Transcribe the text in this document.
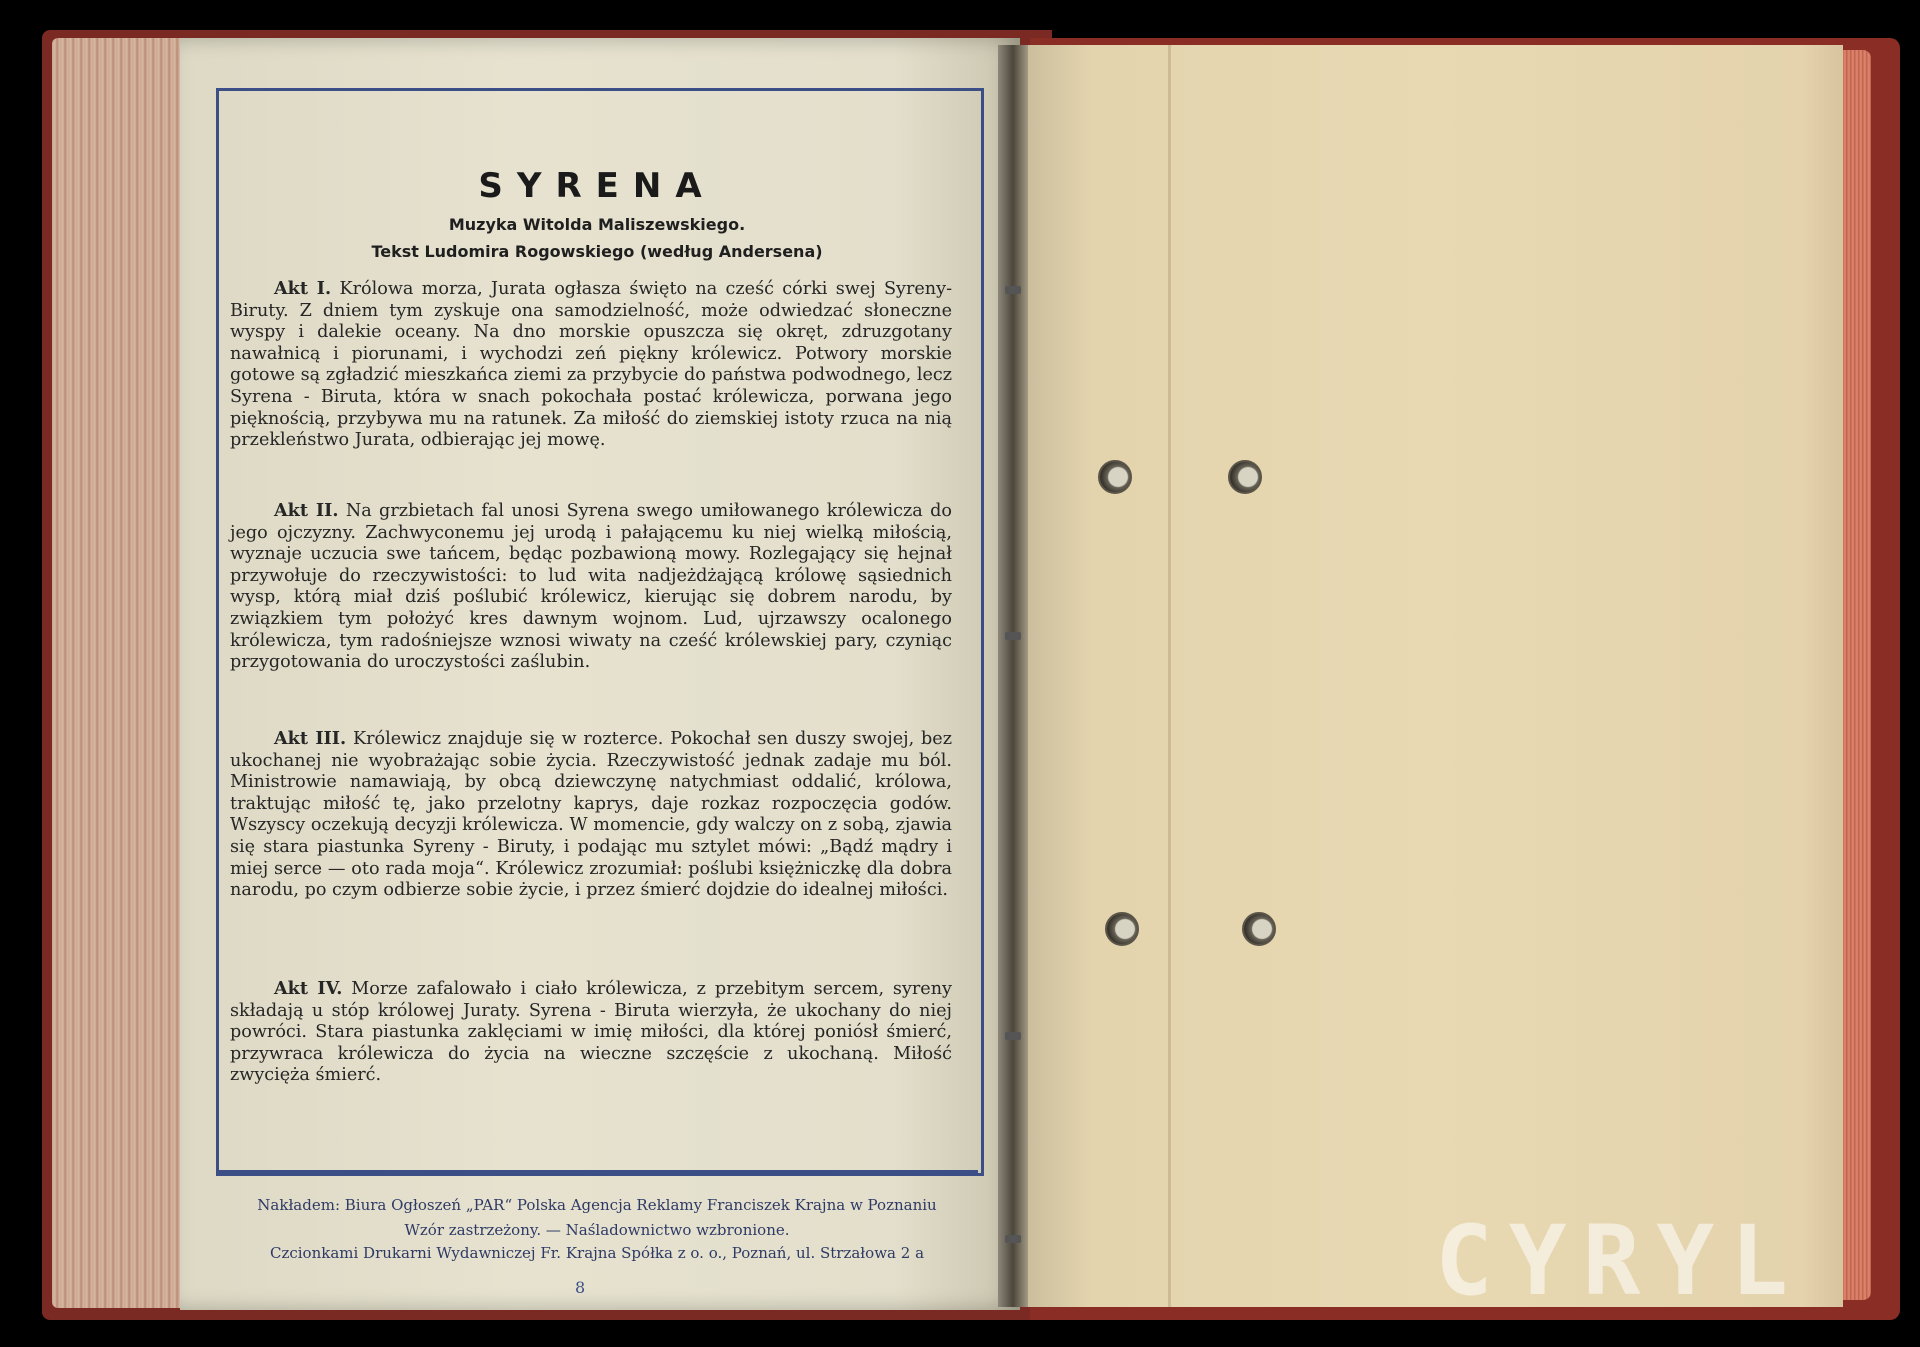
SYRENA
Muzyka Witolda Maliszewskiego.
Tekst Ludomira Rogowskiego (według Andersena)
Akt I. Królowa morza, Jurata ogłasza święto na cześć córki swej Syreny-Biruty. Z dniem tym zyskuje ona samodzielność, może odwiedzać słoneczne wyspy i dalekie oceany. Na dno morskie opuszcza się okręt, zdruzgotany nawałnicą i piorunami, i wychodzi zeń piękny królewicz. Potwory morskie gotowe są zgładzić mieszkańca ziemi za przybycie do państwa podwodnego, lecz Syrena - Biruta, która w snach pokochała postać królewicza, porwana jego pięknością, przybywa mu na ratunek. Za miłość do ziemskiej istoty rzuca na nią przekleństwo Jurata, odbierając jej mowę.
Akt II. Na grzbietach fal unosi Syrena swego umiłowanego królewicza do jego ojczyzny. Zachwyconemu jej urodą i pałającemu ku niej wielką miłością, wyznaje uczucia swe tańcem, będąc pozbawioną mowy. Rozlegający się hejnał przywołuje do rzeczywistości: to lud wita nadjeżdżającą królowę sąsiednich wysp, którą miał dziś poślubić królewicz, kierując się dobrem narodu, by związkiem tym położyć kres dawnym wojnom. Lud, ujrzawszy ocalonego królewicza, tym radośniejsze wznosi wiwaty na cześć królewskiej pary, czyniąc przygotowania do uroczystości zaślubin.
Akt III. Królewicz znajduje się w rozterce. Pokochał sen duszy swojej, bez ukochanej nie wyobrażając sobie życia. Rzeczywistość jednak zadaje mu ból. Ministrowie namawiają, by obcą dziewczynę natychmiast oddalić, królowa, traktując miłość tę, jako przelotny kaprys, daje rozkaz rozpoczęcia godów. Wszyscy oczekują decyzji królewicza. W momencie, gdy walczy on z sobą, zjawia się stara piastunka Syreny - Biruty, i podając mu sztylet mówi: „Bądź mądry i miej serce — oto rada moja“. Królewicz zrozumiał: poślubi księżniczkę dla dobra narodu, po czym odbierze sobie życie, i przez śmierć dojdzie do idealnej miłości.
Akt IV. Morze zafalowało i ciało królewicza, z przebitym sercem, syreny składają u stóp królowej Juraty. Syrena - Biruta wierzyła, że ukochany do niej powróci. Stara piastunka zaklęciami w imię miłości, dla której poniósł śmierć, przywraca królewicza do życia na wieczne szczęście z ukochaną. Miłość zwycięża śmierć.
Nakładem: Biura Ogłoszeń „PAR“ Polska Agencja Reklamy Franciszek Krajna w Poznaniu
Wzór zastrzeżony. — Naśladownictwo wzbronione.
Czcionkami Drukarni Wydawniczej Fr. Krajna Spółka z o. o., Poznań, ul. Strzałowa 2 a
8	CYRYL
